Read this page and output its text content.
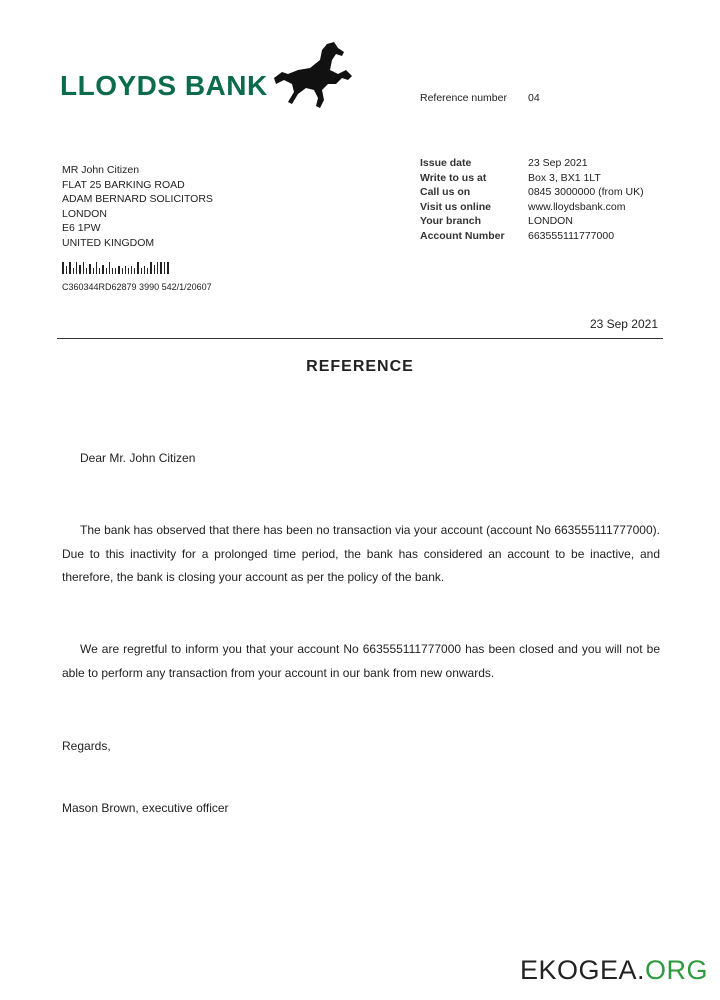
LLOYDS BANK	Reference number 04
Issue date	23 Sep 2021
Write to us at	Box 3, BX1 1LT
Call us on	0845 3000000 (from UK)
Visit us online	www.lloydsbank.com
Your branch	LONDON
Account Number	663555111777000
MR John Citizen
FLAT 25 BARKING ROAD
ADAM BERNARD SOLICITORS
LONDON
E6 1PW
UNITED KINGDOM
C360344RD62879 3990 542/1/20607
23 Sep 2021
REFERENCE
Dear Mr. John Citizen
The bank has observed that there has been no transaction via your account (account No 663555111777000). Due to this inactivity for a prolonged time period, the bank has considered an account to be inactive, and therefore, the bank is closing your account as per the policy of the bank.
We are regretful to inform you that your account No 663555111777000 has been closed and you will not be able to perform any transaction from your account in our bank from new onwards.
Regards,
Mason Brown, executive officer
EKOGEA.ORG
